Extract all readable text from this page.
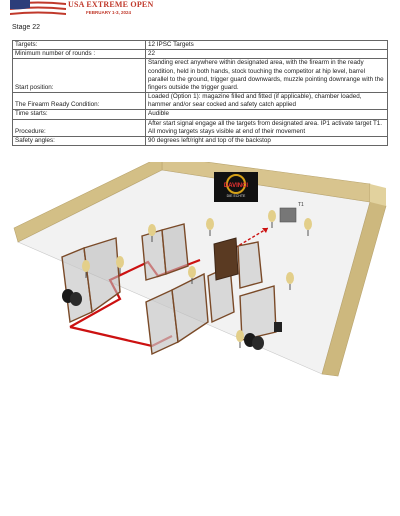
USA EXTREME OPEN
FEBRUARY 1-3, 2024
Stage 22
Targets:	12 IPSC Targets
Minimum number of rounds :	22
Start position:	Standing erect anywhere within designated area, with the firearm in the ready condition, held in both hands, stock touching the competitor at hip level, barrel parallel to the ground, trigger guard downwards, muzzle pointing downrange with the fingers outside the trigger guard.
The Firearm Ready Condition:	Loaded (Option 1): magazine filled and fitted (if applicable), chamber loaded, hammer and/or sear cocked and safety catch applied
Time starts:	Audible
Procedure:	After start signal engage all the targets from designated area. IP1 activate target T1. All moving targets stays visible at end of their movement
Safety angles:	90 degrees left/right and top of the backstop
DAVINCI
DIE ECHTE
T1
